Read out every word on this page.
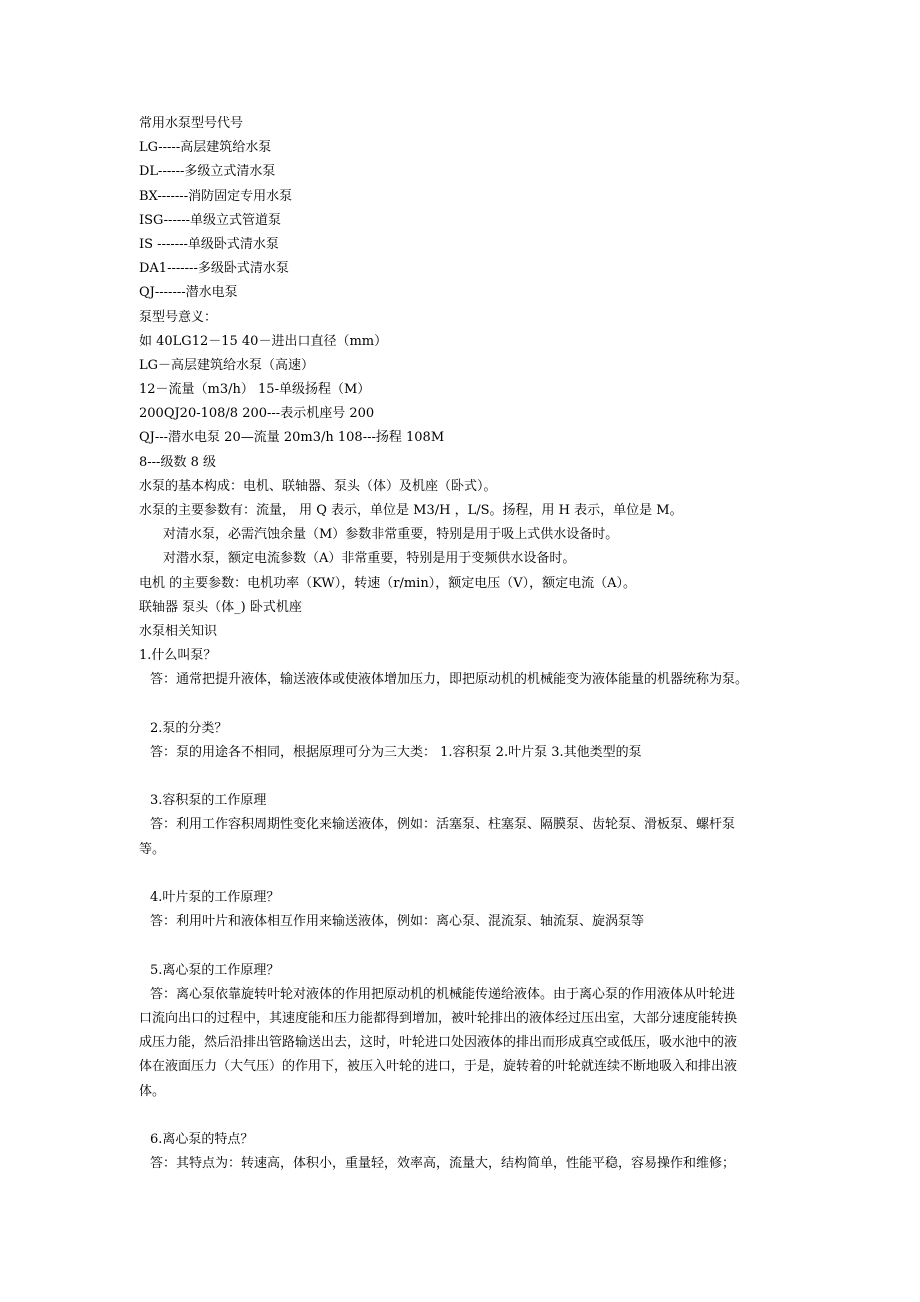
常用水泵型号代号
LG-----高层建筑给水泵
DL------多级立式清水泵
BX-------消防固定专用水泵
ISG------单级立式管道泵
IS -------单级卧式清水泵
DA1-------多级卧式清水泵
QJ-------潜水电泵
泵型号意义：
如 40LG12－15 40－进出口直径（mm）
LG－高层建筑给水泵（高速）
12－流量（m3/h） 15-单级扬程（M）
200QJ20-108/8 200---表示机座号 200
QJ---潜水电泵 20—流量 20m3/h 108---扬程 108M
8---级数 8 级
水泵的基本构成：电机、联轴器、泵头（体）及机座（卧式）。
水泵的主要参数有：流量， 用 Q 表示，单位是 M3/H ，L/S。扬程，用 H 表示，单位是 M。
对清水泵，必需汽蚀余量（M）参数非常重要，特别是用于吸上式供水设备时。
对潜水泵，额定电流参数（A）非常重要，特别是用于变频供水设备时。
电机 的主要参数：电机功率（KW），转速（r/min），额定电压（V），额定电流（A）。
联轴器 泵头（体_) 卧式机座
水泵相关知识
1.什么叫泵？
答：通常把提升液体，输送液体或使液体增加压力，即把原动机的机械能变为液体能量的机器统称为泵。
2.泵的分类？
答：泵的用途各不相同，根据原理可分为三大类： 1.容积泵 2.叶片泵 3.其他类型的泵
3.容积泵的工作原理
答：利用工作容积周期性变化来输送液体，例如：活塞泵、柱塞泵、隔膜泵、齿轮泵、滑板泵、螺杆泵
等。
4.叶片泵的工作原理？
答：利用叶片和液体相互作用来输送液体，例如：离心泵、混流泵、轴流泵、旋涡泵等
5.离心泵的工作原理？
答：离心泵依靠旋转叶轮对液体的作用把原动机的机械能传递给液体。由于离心泵的作用液体从叶轮进
口流向出口的过程中，其速度能和压力能都得到增加，被叶轮排出的液体经过压出室，大部分速度能转换
成压力能，然后沿排出管路输送出去，这时，叶轮进口处因液体的排出而形成真空或低压，吸水池中的液
体在液面压力（大气压）的作用下，被压入叶轮的进口，于是，旋转着的叶轮就连续不断地吸入和排出液
体。
6.离心泵的特点？
答：其特点为：转速高，体积小，重量轻，效率高，流量大，结构简单，性能平稳，容易操作和维修；
